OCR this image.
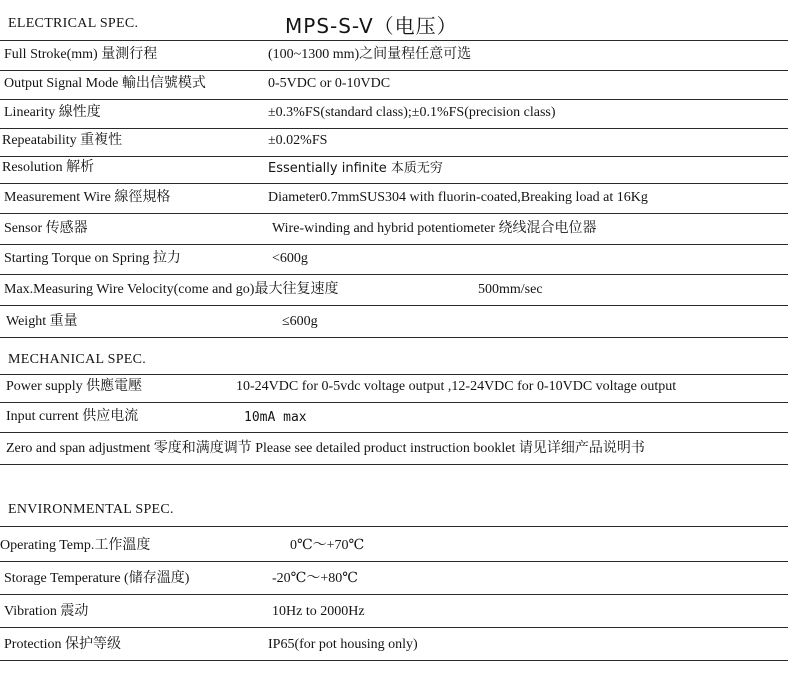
ELECTRICAL SPEC.	MPS-S-V（电压）
Full Stroke(mm) 量測行程	(100~1300 mm)之间量程任意可选
Output Signal Mode 輸出信號模式	0-5VDC or 0-10VDC
Linearity 線性度	±0.3%FS(standard class);±0.1%FS(precision class)
Repeatability 重複性	±0.02%FS
Resolution 解析	Essentially infinite 本质无穷
Measurement Wire 線徑規格	Diameter0.7mmSUS304 with fluorin-coated,Breaking load at 16Kg
Sensor 传感器	Wire-winding and hybrid potentiometer 绕线混合电位器
Starting Torque on Spring 拉力	<600g
Max.Measuring Wire Velocity(come and go)最大往复速度	500mm/sec
Weight 重量	≤600g
MECHANICAL SPEC.
Power supply 供應電壓	10-24VDC for 0-5vdc voltage output ,12-24VDC for 0-10VDC voltage output
Input current 供应电流	10mA max
Zero and span adjustment 零度和满度调节 Please see detailed product instruction booklet 请见详细产品说明书
ENVIRONMENTAL SPEC.
Operating Temp.工作溫度	0℃～+70℃
Storage Temperature (储存溫度)	-20℃～+80℃
Vibration 震动	10Hz to 2000Hz
Protection 保护等级	IP65(for pot housing only)
